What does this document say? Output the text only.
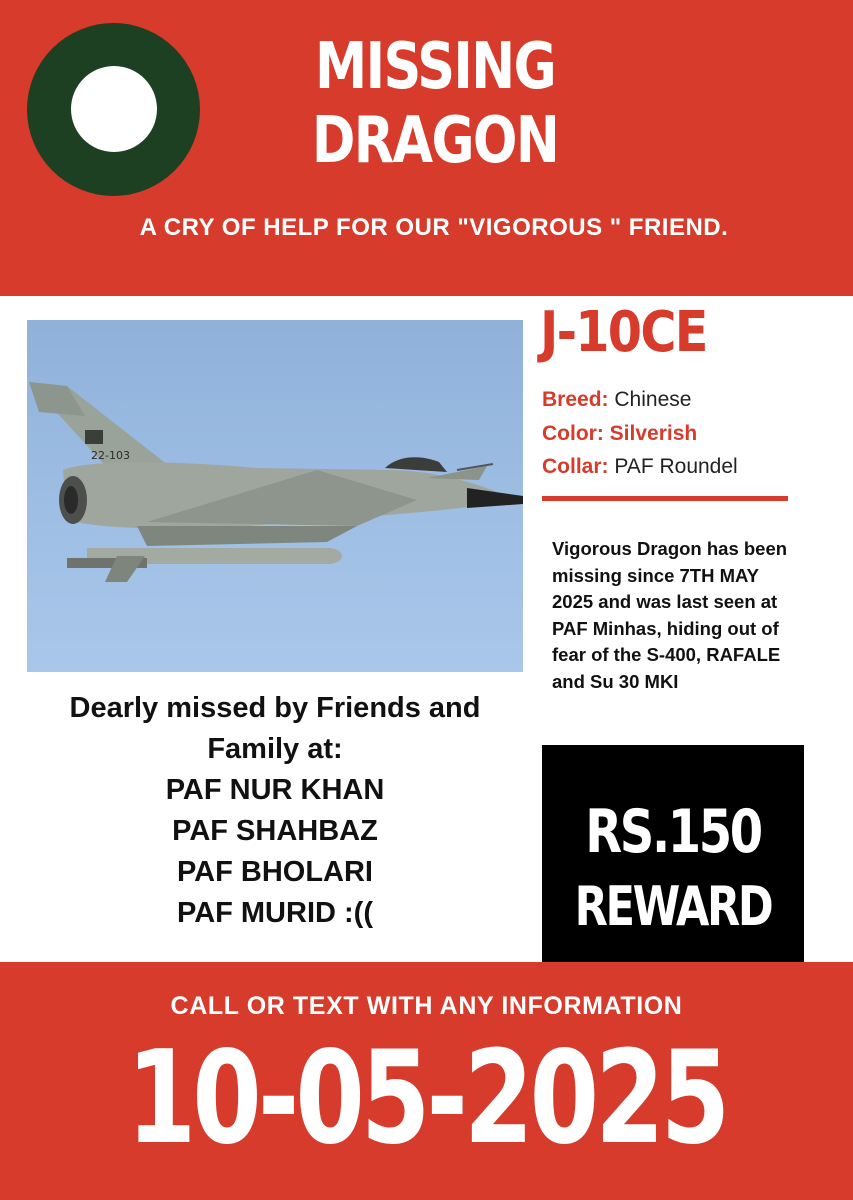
MISSING
DRAGON
A CRY OF HELP FOR OUR "VIGOROUS " FRIEND.
22-103
J-10CE
Breed: Chinese
Color: Silverish
Collar: PAF Roundel
Vigorous Dragon has been missing since 7TH MAY 2025 and was last seen at PAF Minhas, hiding out of fear of the S-400, RAFALE and Su 30 MKI
Dearly missed by Friends and
Family at:
PAF NUR KHAN
PAF SHAHBAZ
PAF BHOLARI
PAF MURID :((
RS.150
REWARD
CALL OR TEXT WITH ANY INFORMATION
10-05-2025
